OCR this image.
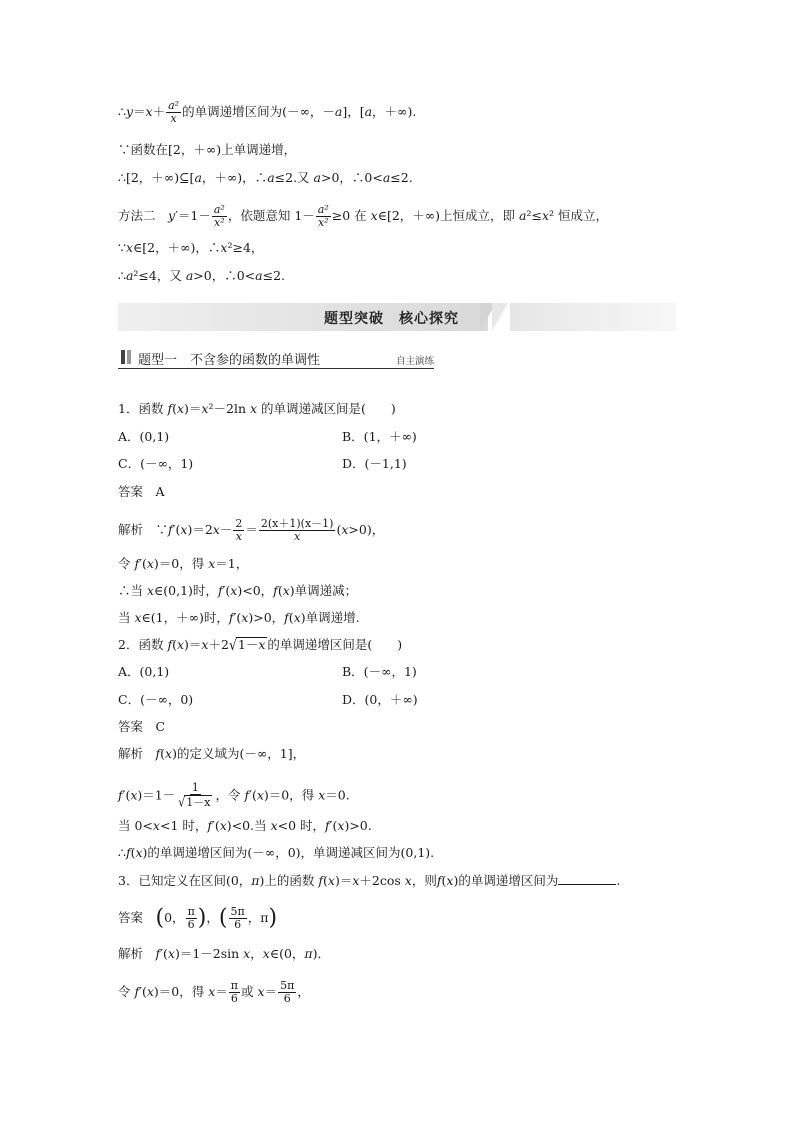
∴y＝x＋ $\frac{\text{a²}}{x}$ 的单调递增区间为(－∞，－a]，[a，＋∞).
∵函数在[2，＋∞)上单调递增，
∴[2，＋∞)⊆[a，＋∞)，∴a≤2.又 a>0，∴0<a≤2.
方法二　$y'=1- \frac{\text{a²}}{\text{x²}}$ ，依题意知 $1- \frac{\text{a²}}{\text{x²}} \ge 0$ 在 x∈[2，＋∞)上恒成立，即 a²≤x² 恒成立，
∵x∈[2，＋∞)，∴x²≥4，
∴a²≤4，又 a>0，∴0<a≤2.
题型突破　核心探究
题型一　不含参的函数的单调性	自主演练
1．函数 f(x)＝x²－2ln x 的单调递减区间是(　　)
A．(0,1)	B．(1，＋∞)
C．(－∞，1)	D．(－1,1)
答案　A
解析　∵f′(x)＝2x－ $\frac{2}{x} = \frac{2(x+1)(x-1)}{x} (x>0)$，
令 f′(x)＝0，得 x＝1，
∴当 x∈(0,1)时，f′(x)<0，f(x)单调递减；
当 x∈(1，＋∞)时，f′(x)>0，f(x)单调递增.
2．函数 f(x)＝x＋2√1－x 的单调递增区间是(　　)
A．(0,1)	B．(－∞，1)
C．(－∞，0)	D．(0，＋∞)
答案　C
解析　f(x)的定义域为(－∞，1]，
$f'(x)=1- \frac{1}{√1-x}$ ，令 f′(x)＝0，得 x＝0.
当 0<x<1 时，f′(x)<0.当 x<0 时，f′(x)>0.
∴f(x)的单调递增区间为(－∞，0)，单调递减区间为(0,1).
3．已知定义在区间(0，π)上的函数 f(x)＝x＋2cos x，则f(x)的单调递增区间为	.
答案　(0， $\frac{\pi}{6}$ )，( $\frac{5\pi}{6}$ ，π)
解析　f′(x)＝1－2sin x，x∈(0，π)．
令 f′(x)＝0，得 $x= \frac{\pi}{6}$ 或 $x= \frac{5\pi}{6}$ ，
